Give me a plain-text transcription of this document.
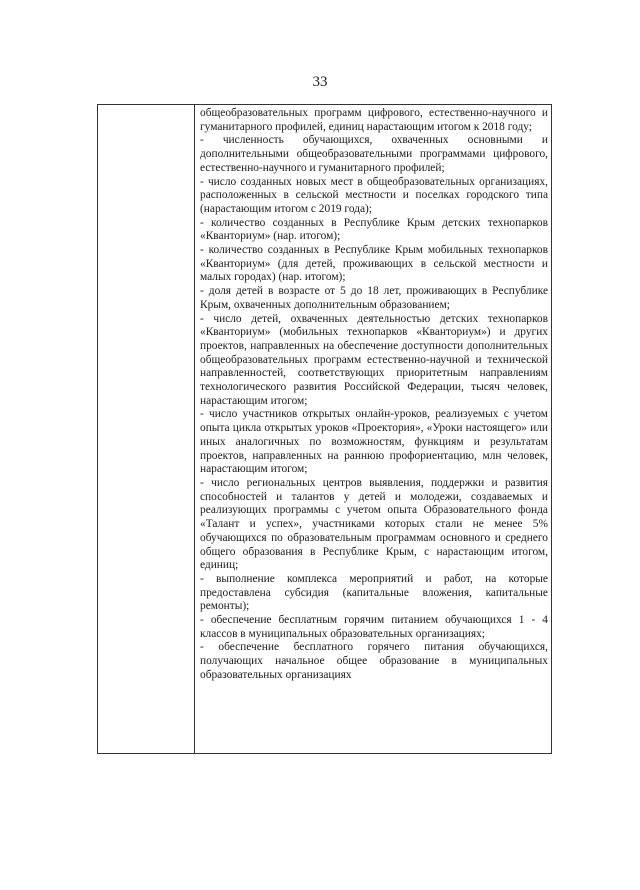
33

общеобразовательных программ цифрового, естественно-научного и гуманитарного профилей, единиц нарастающим итогом к 2018 году;

- численность обучающихся, охваченных основными и дополнительными общеобразовательными программами цифрового, естественно-научного и гуманитарного профилей;

- число созданных новых мест в общеобразовательных организациях, расположенных в сельской местности и поселках городского типа (нарастающим итогом с 2019 года);

- количество созданных в Республике Крым детских технопарков «Кванториум» (нар. итогом);

- количество созданных в Республике Крым мобильных технопарков «Кванториум» (для детей, проживающих в сельской местности и малых городах) (нар. итогом);

- доля детей в возрасте от 5 до 18 лет, проживающих в Республике Крым, охваченных дополнительным образованием;

- число детей, охваченных деятельностью детских технопарков «Кванториум» (мобильных технопарков «Кванториум») и других проектов, направленных на обеспечение доступности дополнительных общеобразовательных программ естественно-научной и технической направленностей, соответствующих приоритетным направлениям технологического развития Российской Федерации, тысяч человек, нарастающим итогом;

- число участников открытых онлайн-уроков, реализуемых с учетом опыта цикла открытых уроков «Проектория», «Уроки настоящего» или иных аналогичных по возможностям, функциям и результатам проектов, направленных на раннюю профориентацию, млн человек, нарастающим итогом;

- число региональных центров выявления, поддержки и развития способностей и талантов у детей и молодежи, создаваемых и реализующих программы с учетом опыта Образовательного фонда «Талант и успех», участниками которых стали не менее 5% обучающихся по образовательным программам основного и среднего общего образования в Республике Крым, с нарастающим итогом, единиц;

- выполнение комплекса мероприятий и работ, на которые предоставлена субсидия (капитальные вложения, капитальные ремонты);

- обеспечение бесплатным горячим питанием обучающихся 1 - 4 классов в муниципальных образовательных организациях;

- обеспечение бесплатного горячего питания обучающихся, получающих начальное общее образование в муниципальных образовательных организациях
